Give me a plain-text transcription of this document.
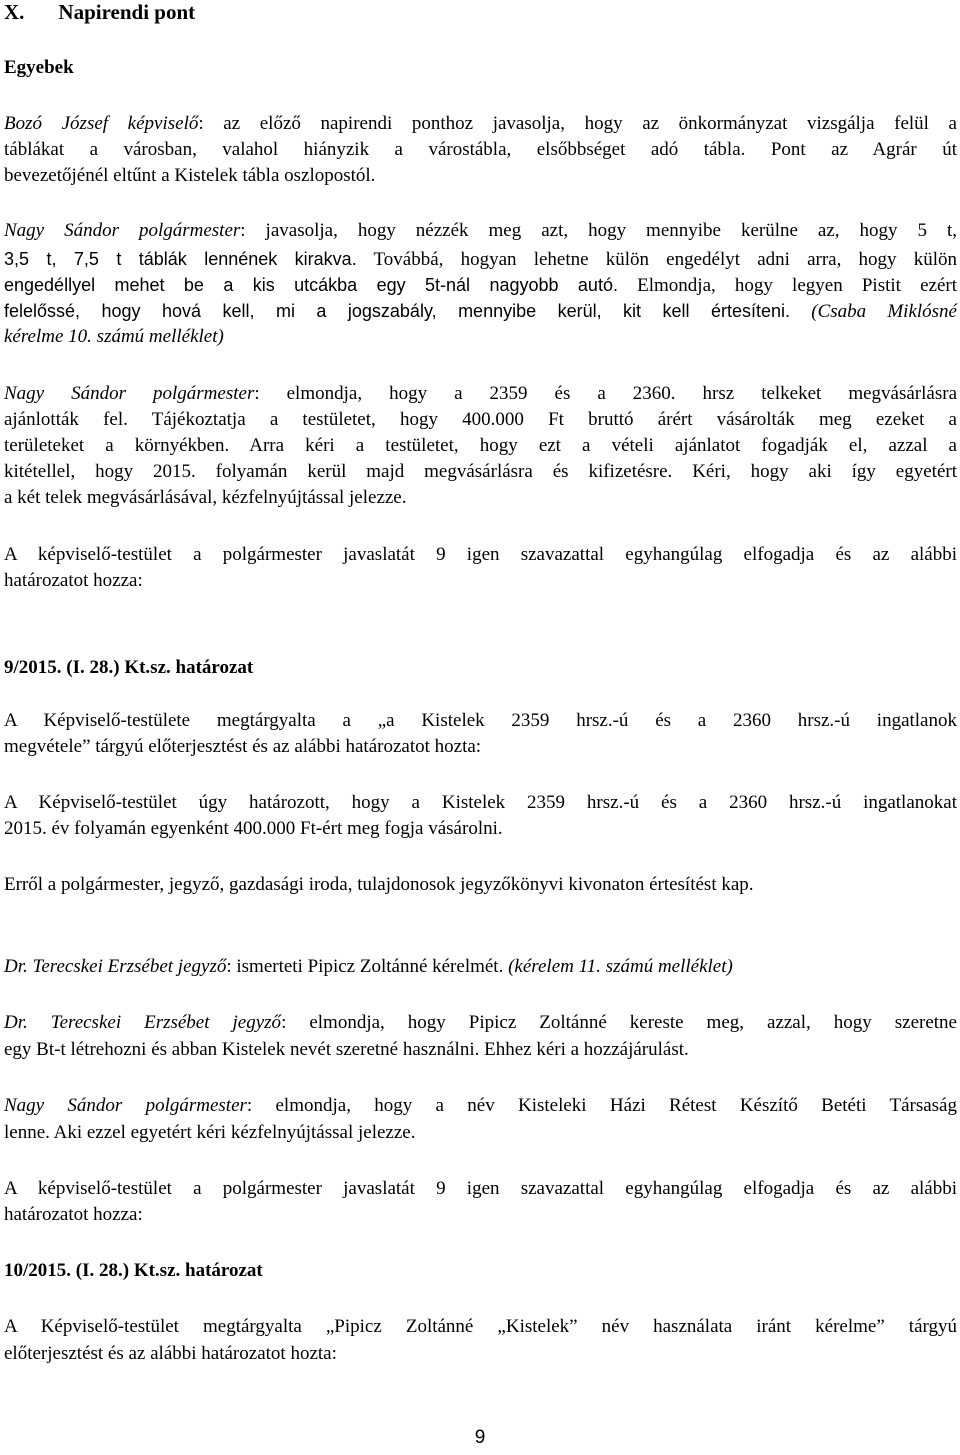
X. Napirendi pont
Egyebek
Bozó József képviselő: az előző napirendi ponthoz javasolja, hogy az önkormányzat vizsgálja felül a
táblákat a városban, valahol hiányzik a várostábla, elsőbbséget adó tábla. Pont az Agrár út
bevezetőjénél eltűnt a Kistelek tábla oszlopostól.
Nagy Sándor polgármester: javasolja, hogy nézzék meg azt, hogy mennyibe kerülne az, hogy 5 t,
3,5 t, 7,5 t táblák lennének kirakva. Továbbá, hogyan lehetne külön engedélyt adni arra, hogy külön
engedéllyel mehet be a kis utcákba egy 5t-nál nagyobb autó. Elmondja, hogy legyen Pistit ezért
felelőssé, hogy hová kell, mi a jogszabály, mennyibe kerül, kit kell értesíteni. (Csaba Miklósné
kérelme 10. számú melléklet)
Nagy Sándor polgármester: elmondja, hogy a 2359 és a 2360. hrsz telkeket megvásárlásra
ajánlották fel. Tájékoztatja a testületet, hogy 400.000 Ft bruttó árért vásárolták meg ezeket a
területeket a környékben. Arra kéri a testületet, hogy ezt a vételi ajánlatot fogadják el, azzal a
kitétellel, hogy 2015. folyamán kerül majd megvásárlásra és kifizetésre. Kéri, hogy aki így egyetért
a két telek megvásárlásával, kézfelnyújtással jelezze.
A képviselő-testület a polgármester javaslatát 9 igen szavazattal egyhangúlag elfogadja és az alábbi
határozatot hozza:
9/2015. (I. 28.) Kt.sz. határozat
A Képviselő-testülete megtárgyalta a „a Kistelek 2359 hrsz.-ú és a 2360 hrsz.-ú ingatlanok
megvétele” tárgyú előterjesztést és az alábbi határozatot hozta:
A Képviselő-testület úgy határozott, hogy a Kistelek 2359 hrsz.-ú és a 2360 hrsz.-ú ingatlanokat
2015. év folyamán egyenként 400.000 Ft-ért meg fogja vásárolni.
Erről a polgármester, jegyző, gazdasági iroda, tulajdonosok jegyzőkönyvi kivonaton értesítést kap.
Dr. Terecskei Erzsébet jegyző: ismerteti Pipicz Zoltánné kérelmét. (kérelem 11. számú melléklet)
Dr. Terecskei Erzsébet jegyző: elmondja, hogy Pipicz Zoltánné kereste meg, azzal, hogy szeretne
egy Bt-t létrehozni és abban Kistelek nevét szeretné használni. Ehhez kéri a hozzájárulást.
Nagy Sándor polgármester: elmondja, hogy a név Kisteleki Házi Rétest Készítő Betéti Társaság
lenne. Aki ezzel egyetért kéri kézfelnyújtással jelezze.
A képviselő-testület a polgármester javaslatát 9 igen szavazattal egyhangúlag elfogadja és az alábbi
határozatot hozza:
10/2015. (I. 28.) Kt.sz. határozat
A Képviselő-testület megtárgyalta „Pipicz Zoltánné „Kistelek” név használata iránt kérelme” tárgyú
előterjesztést és az alábbi határozatot hozta:
9
